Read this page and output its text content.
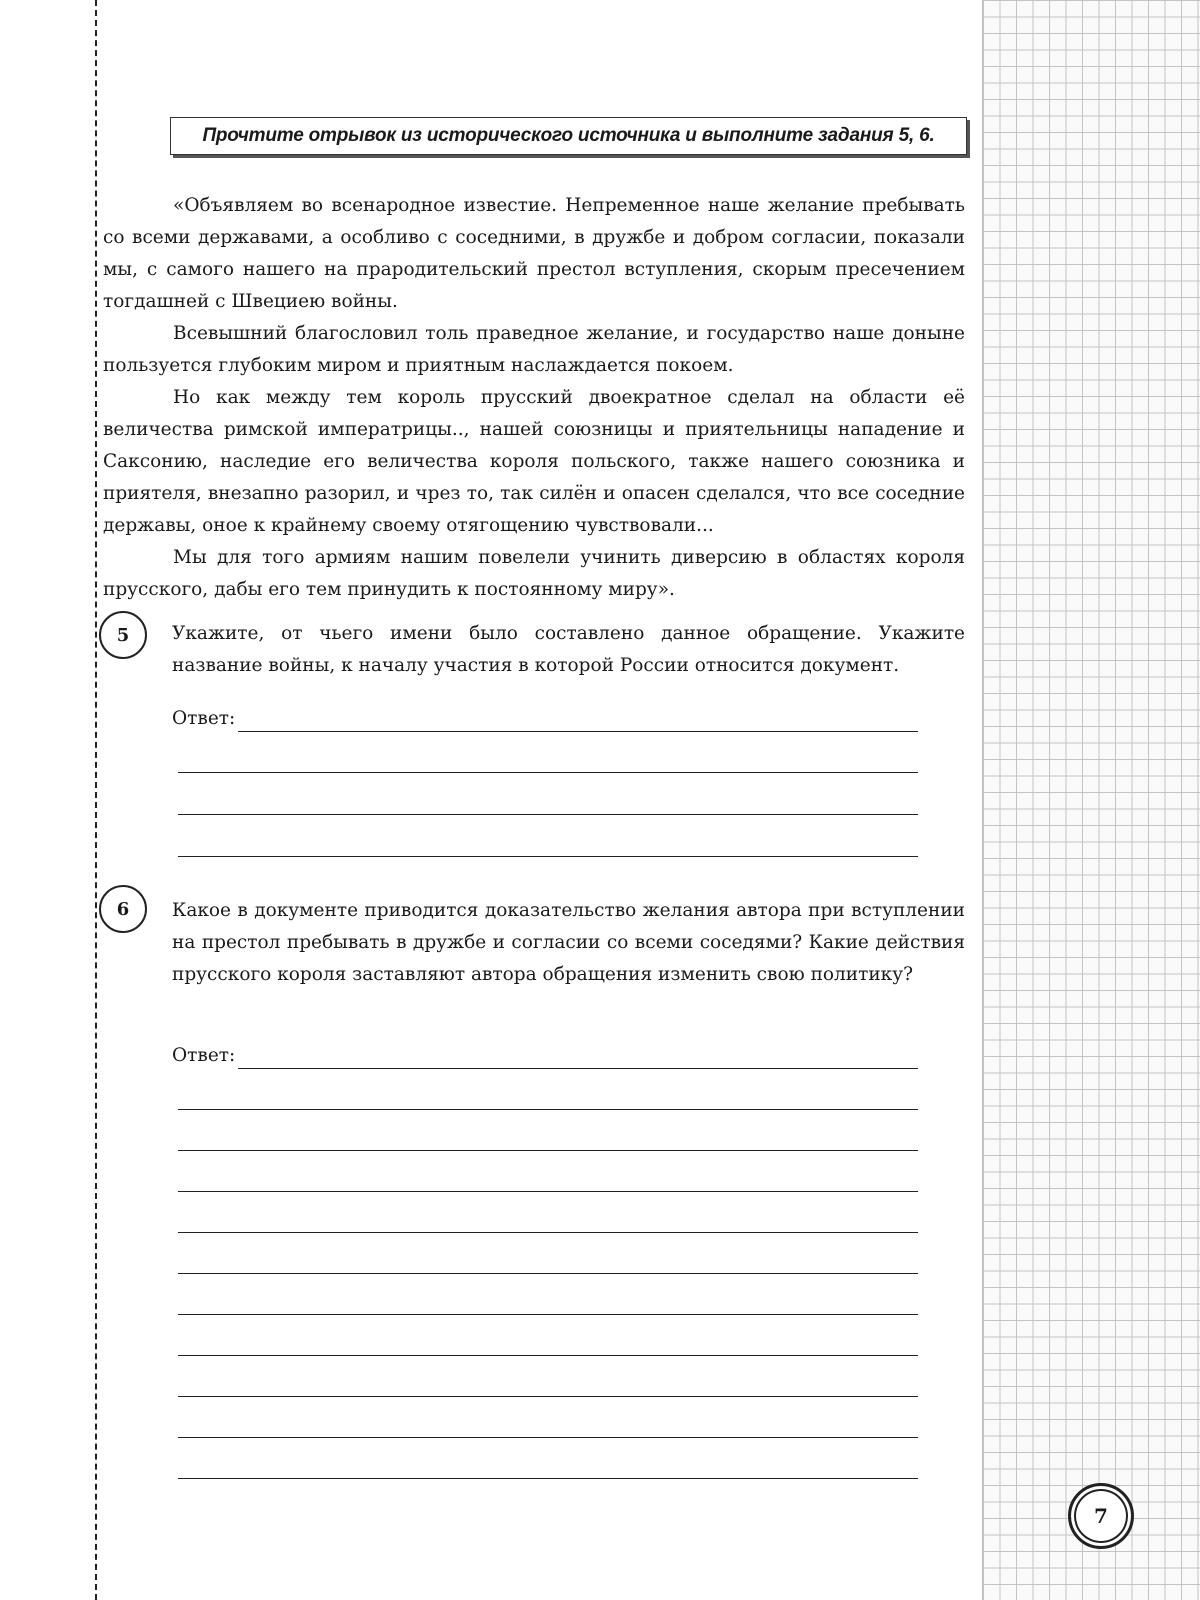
Прочтите отрывок из исторического источника и выполните задания 5, 6.

«Объявляем во всенародное известие. Непременное наше желание пребывать со всеми державами, а особливо с соседними, в дружбе и добром согласии, показали мы, с самого нашего на прародительский престол вступления, скорым пресечением тогдашней с Швециею войны.

Всевышний благословил толь праведное желание, и государство наше доныне пользуется глубоким миром и приятным наслаждается покоем.

Но как между тем король прусский двоекратное сделал на области её величества римской императрицы.., нашей союзницы и приятельницы нападение и Саксонию, наследие его величества короля польского, также нашего союзника и приятеля, внезапно разорил, и чрез то, так силён и опасен сделался, что все соседние державы, оное к крайнему своему отягощению чувствовали...

Мы для того армиям нашим повелели учинить диверсию в областях короля прусского, дабы его тем принудить к постоянному миру».

5	Укажите, от чьего имени было составлено данное обращение. Укажите название войны, к началу участия в которой России относится документ.

Ответ:
6	Какое в документе приводится доказательство желания автора при вступлении на престол пребывать в дружбе и согласии со всеми соседями? Какие действия прусского короля заставляют автора обращения изменить свою политику?

Ответ:
7
